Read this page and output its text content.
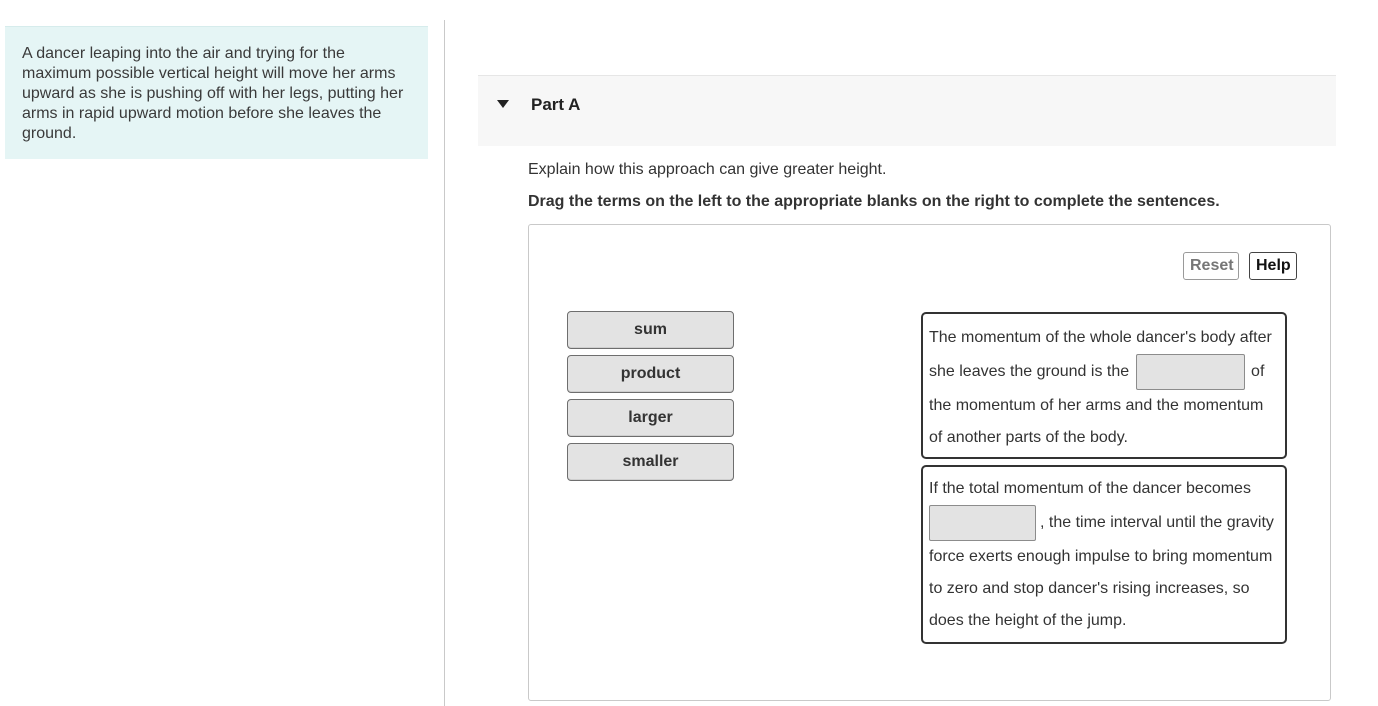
A dancer leaping into the air and trying for the maximum possible vertical height will move her arms upward as she is pushing off with her legs, putting her arms in rapid upward motion before she leaves the ground.
Part A
Explain how this approach can give greater height.
Drag the terms on the left to the appropriate blanks on the right to complete the sentences.
Reset	Help
sum
product
larger
smaller
The momentum of the whole dancer's body after she leaves the ground is the	of the momentum of her arms and the momentum of another parts of the body.
If the total momentum of the dancer becomes , the time interval until the gravity force exerts enough impulse to bring momentum to zero and stop dancer's rising increases, so does the height of the jump.
